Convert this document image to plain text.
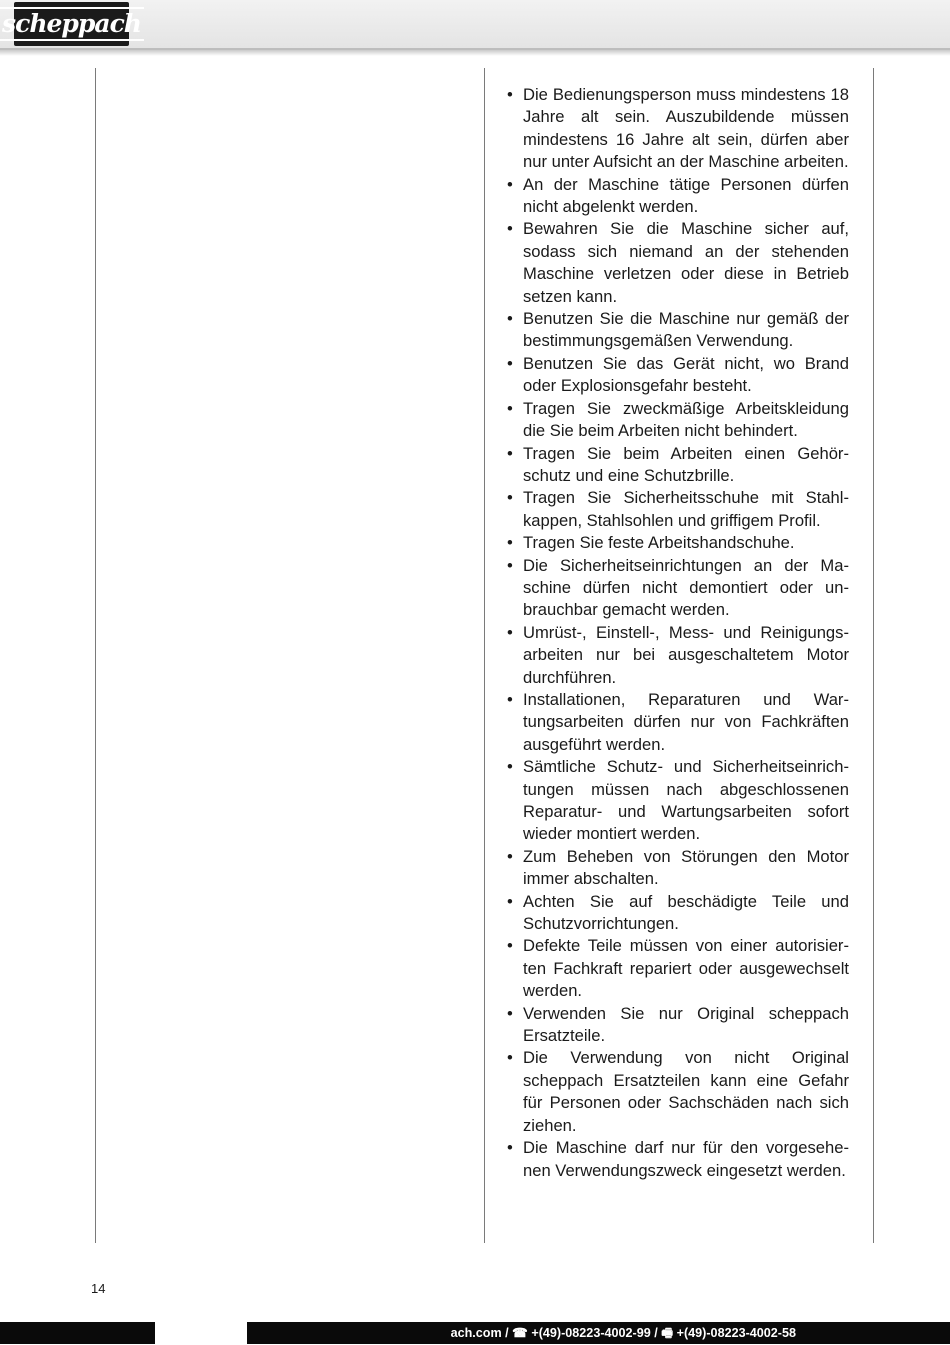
scheppach
• Die Bedienungsperson muss mindestens 18 Jahre alt sein. Auszubildende müssen mindestens 16 Jahre alt sein, dürfen aber nur unter Aufsicht an der Maschine arbeiten.
• An der Maschine tätige Personen dürfen nicht abgelenkt werden.
• Bewahren Sie die Maschine sicher auf, sodass sich niemand an der stehenden Maschine verletzen oder diese in Betrieb setzen kann.
• Benutzen Sie die Maschine nur gemäß der bestimmungsgemäßen Verwendung.
• Benutzen Sie das Gerät nicht, wo Brand oder Explosionsgefahr besteht.
• Tragen Sie zweckmäßige Arbeitskleidung die Sie beim Arbeiten nicht behindert.
• Tragen Sie beim Arbeiten einen Gehörschutz und eine Schutzbrille.
• Tragen Sie Sicherheitsschuhe mit Stahlkappen, Stahlsohlen und griffigem Profil.
• Tragen Sie feste Arbeitshandschuhe.
• Die Sicherheitseinrichtungen an der Maschine dürfen nicht demontiert oder unbrauchbar gemacht werden.
• Umrüst-, Einstell-, Mess- und Reinigungsarbeiten nur bei ausgeschaltetem Motor durchführen.
• Installationen, Reparaturen und Wartungsarbeiten dürfen nur von Fachkräften ausgeführt werden.
• Sämtliche Schutz- und Sicherheitseinrichtungen müssen nach abgeschlossenen Reparatur- und Wartungsarbeiten sofort wieder montiert werden.
• Zum Beheben von Störungen den Motor immer abschalten.
• Achten Sie auf beschädigte Teile und Schutzvorrichtungen.
• Defekte Teile müssen von einer autorisierten Fachkraft repariert oder ausgewechselt werden.
• Verwenden Sie nur Original scheppach Ersatzteile.
• Die Verwendung von nicht Original scheppach Ersatzteilen kann eine Gefahr für Personen oder Sachschäden nach sich ziehen.
• Die Maschine darf nur für den vorgesehenen Verwendungszweck eingesetzt werden.
14
ach.com / ☎ +(49)-08223-4002-99 / 🖷 +(49)-08223-4002-58
